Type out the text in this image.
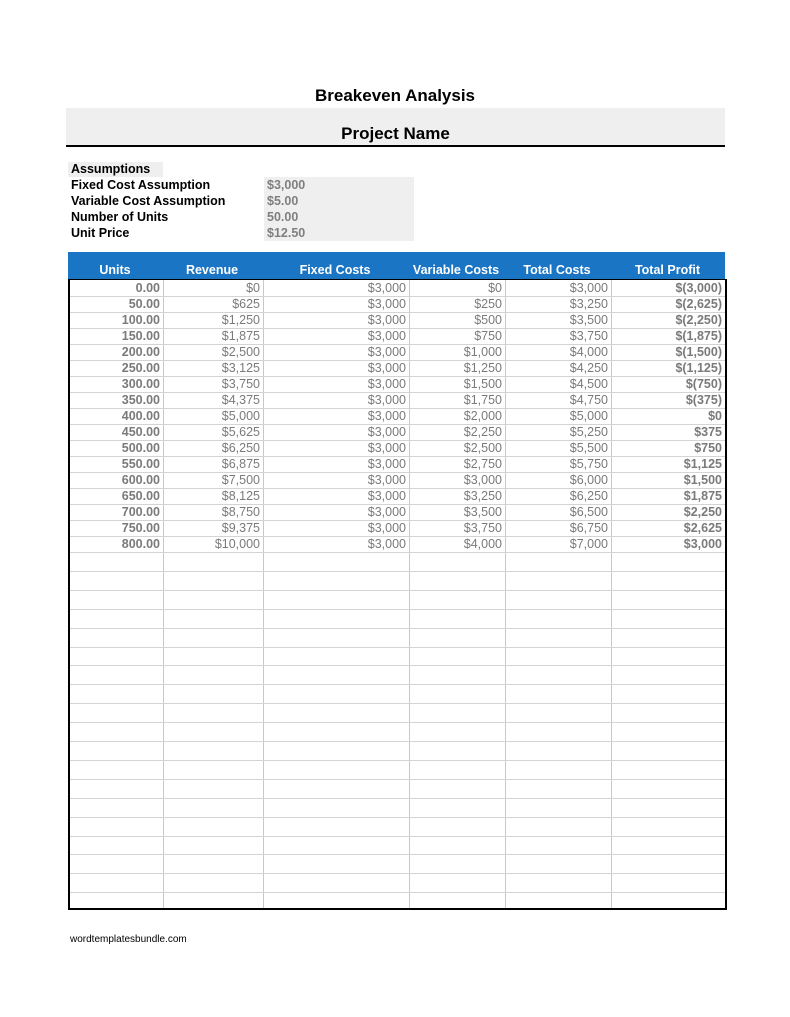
Breakeven Analysis
Project Name
Assumptions
Fixed Cost Assumption	$3,000
Variable Cost Assumption	$5.00
Number of Units	50.00
Unit Price	$12.50
Units	Revenue	Fixed Costs	Variable Costs	Total Costs	Total Profit
0.00	$0	$3,000	$0	$3,000	$(3,000)
50.00	$625	$3,000	$250	$3,250	$(2,625)
100.00	$1,250	$3,000	$500	$3,500	$(2,250)
150.00	$1,875	$3,000	$750	$3,750	$(1,875)
200.00	$2,500	$3,000	$1,000	$4,000	$(1,500)
250.00	$3,125	$3,000	$1,250	$4,250	$(1,125)
300.00	$3,750	$3,000	$1,500	$4,500	$(750)
350.00	$4,375	$3,000	$1,750	$4,750	$(375)
400.00	$5,000	$3,000	$2,000	$5,000	$0
450.00	$5,625	$3,000	$2,250	$5,250	$375
500.00	$6,250	$3,000	$2,500	$5,500	$750
550.00	$6,875	$3,000	$2,750	$5,750	$1,125
600.00	$7,500	$3,000	$3,000	$6,000	$1,500
650.00	$8,125	$3,000	$3,250	$6,250	$1,875
700.00	$8,750	$3,000	$3,500	$6,500	$2,250
750.00	$9,375	$3,000	$3,750	$6,750	$2,625
800.00	$10,000	$3,000	$4,000	$7,000	$3,000
wordtemplatesbundle.com
